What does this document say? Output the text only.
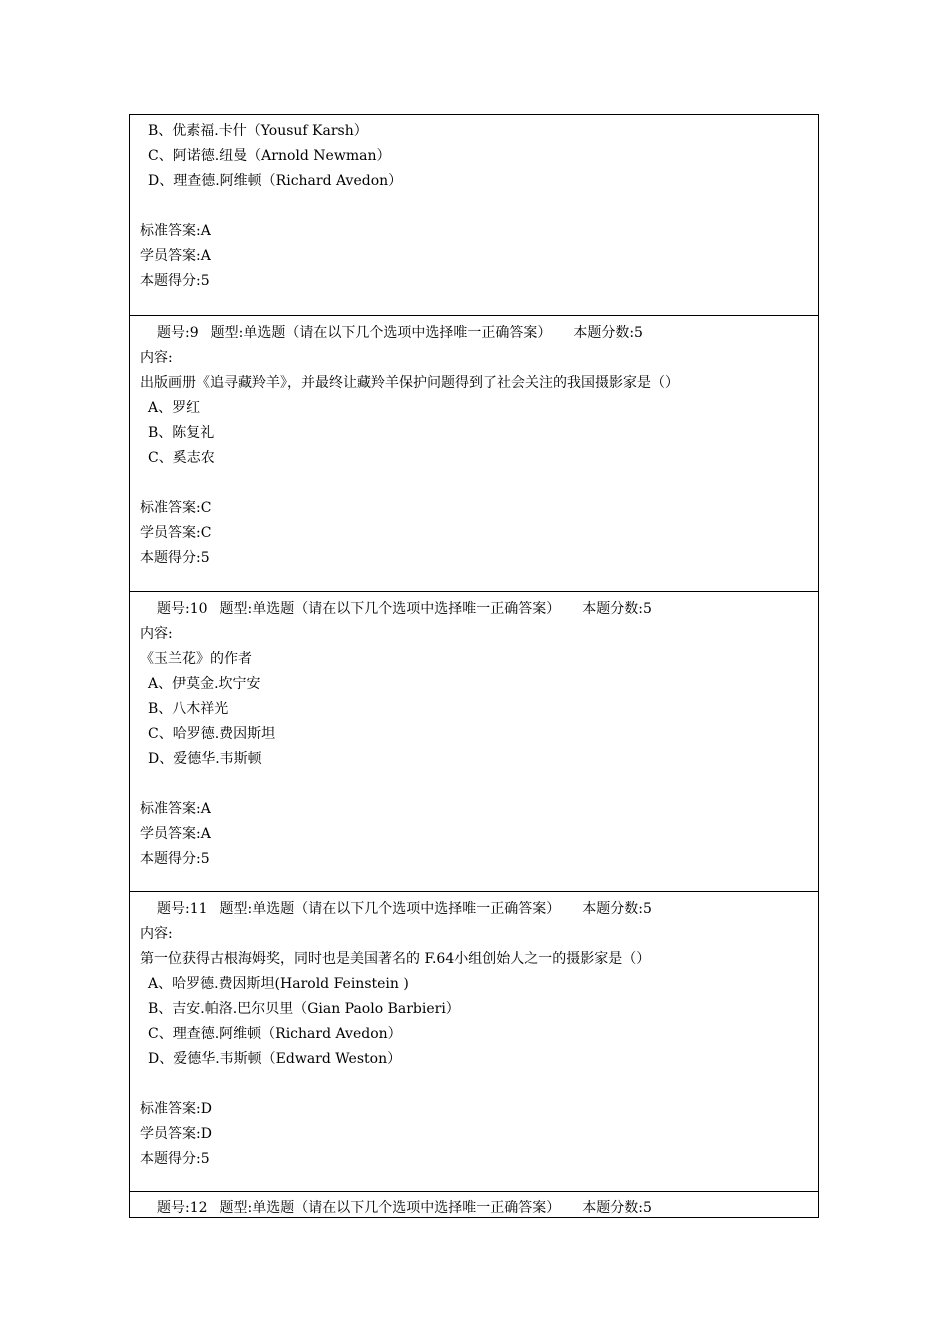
B、优素福.卡什（Yousuf Karsh）
C、阿诺德.纽曼（Arnold Newman）
D、理查德.阿维顿（Richard Avedon）
标准答案:A
学员答案:A
本题得分:5
题号:9 题型:单选题（请在以下几个选项中选择唯一正确答案） 本题分数:5
内容:
出版画册《追寻藏羚羊》，并最终让藏羚羊保护问题得到了社会关注的我国摄影家是（）
A、罗红
B、陈复礼
C、奚志农
标准答案:C
学员答案:C
本题得分:5
题号:10 题型:单选题（请在以下几个选项中选择唯一正确答案） 本题分数:5
内容:
《玉兰花》的作者
A、伊莫金.坎宁安
B、八木祥光
C、哈罗德.费因斯坦
D、爱德华.韦斯顿
标准答案:A
学员答案:A
本题得分:5
题号:11 题型:单选题（请在以下几个选项中选择唯一正确答案） 本题分数:5
内容:
第一位获得古根海姆奖，同时也是美国著名的 F.64小组创始人之一的摄影家是（）
A、哈罗德.费因斯坦(Harold Feinstein )
B、吉安.帕洛.巴尔贝里（Gian Paolo Barbieri）
C、理查德.阿维顿（Richard Avedon）
D、爱德华.韦斯顿（Edward Weston）
标准答案:D
学员答案:D
本题得分:5
题号:12 题型:单选题（请在以下几个选项中选择唯一正确答案） 本题分数:5
